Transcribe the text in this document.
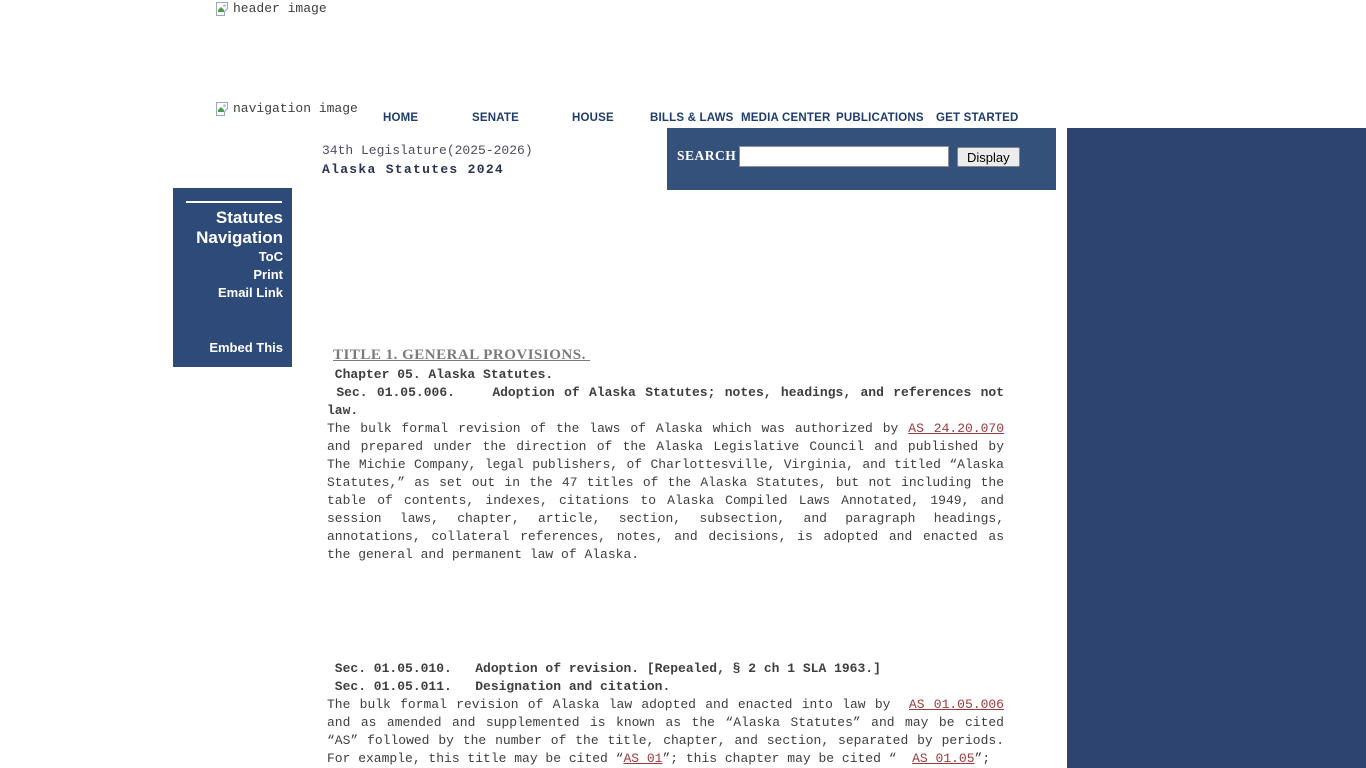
header image
navigation image
HOME	SENATE	HOUSE	BILLS & LAWS MEDIA CENTER PUBLICATIONS GET STARTED
34th Legislature(2025-2026)
Alaska Statutes 2024
SEARCH	Display
Statutes
Navigation
ToC
Print
Email Link
Embed This	TITLE 1. GENERAL PROVISIONS.
Chapter 05. Alaska Statutes.
Sec. 01.05.006.    Adoption of Alaska Statutes; notes, headings, and references not law.

The bulk formal revision of the laws of Alaska which was authorized by AS 24.20.070 and prepared under the direction of the Alaska Legislative Council and published by The Michie Company, legal publishers, of Charlottesville, Virginia, and titled “Alaska Statutes,” as set out in the 47 titles of the Alaska Statutes, but not including the table of contents, indexes, citations to Alaska Compiled Laws Annotated, 1949, and session laws, chapter, article, section, subsection, and paragraph headings, annotations, collateral references, notes, and decisions, is adopted and enacted as the general and permanent law of Alaska.

Sec. 01.05.010.   Adoption of revision. [Repealed, § 2 ch 1 SLA 1963.]
Sec. 01.05.011.   Designation and citation.

The bulk formal revision of Alaska law adopted and enacted into law by  AS 01.05.006 and as amended and supplemented is known as the “Alaska Statutes” and may be cited “AS” followed by the number of the title, chapter, and section, separated by periods. For example, this title may be cited “AS 01”; this chapter may be cited “  AS 01.05”;
